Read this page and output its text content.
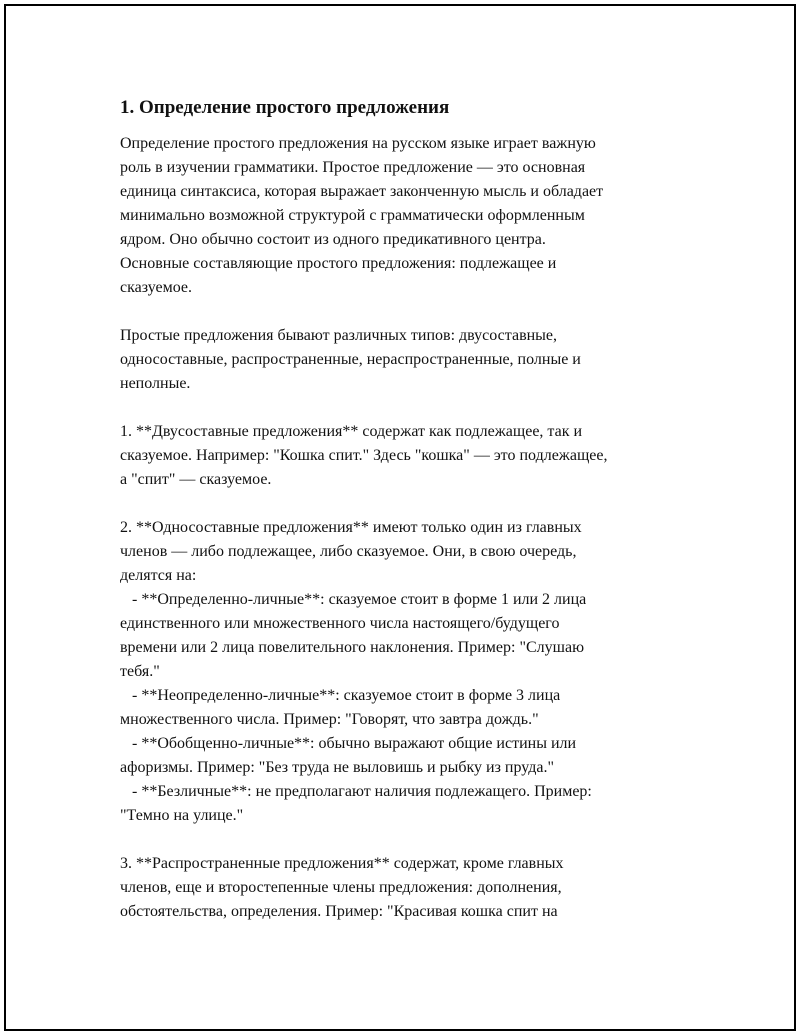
1. Определение простого предложения
Определение простого предложения на русском языке играет важную
роль в изучении грамматики. Простое предложение — это основная
единица синтаксиса, которая выражает законченную мысль и обладает
минимально возможной структурой с грамматически оформленным
ядром. Оно обычно состоит из одного предикативного центра.
Основные составляющие простого предложения: подлежащее и
сказуемое.
Простые предложения бывают различных типов: двусоставные,
односоставные, распространенные, нераспространенные, полные и
неполные.
1. **Двусоставные предложения** содержат как подлежащее, так и
сказуемое. Например: "Кошка спит." Здесь "кошка" — это подлежащее,
а "спит" — сказуемое.
2. **Односоставные предложения** имеют только один из главных
членов — либо подлежащее, либо сказуемое. Они, в свою очередь,
делятся на:
- **Определенно-личные**: сказуемое стоит в форме 1 или 2 лица
единственного или множественного числа настоящего/будущего
времени или 2 лица повелительного наклонения. Пример: "Слушаю
тебя."
- **Неопределенно-личные**: сказуемое стоит в форме 3 лица
множественного числа. Пример: "Говорят, что завтра дождь."
- **Обобщенно-личные**: обычно выражают общие истины или
афоризмы. Пример: "Без труда не выловишь и рыбку из пруда."
- **Безличные**: не предполагают наличия подлежащего. Пример:
"Темно на улице."
3. **Распространенные предложения** содержат, кроме главных
членов, еще и второстепенные члены предложения: дополнения,
обстоятельства, определения. Пример: "Красивая кошка спит на
